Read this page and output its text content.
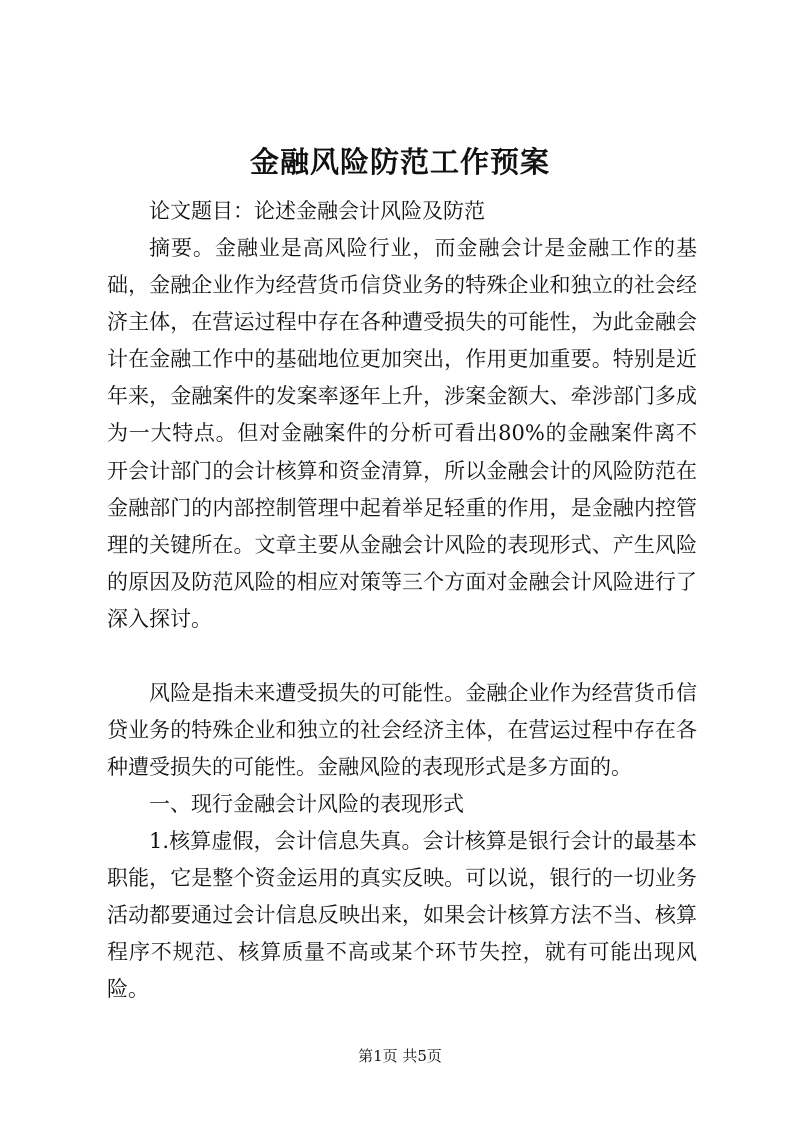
金融风险防范工作预案

论文题目：论述金融会计风险及防范

摘要。金融业是高风险行业，而金融会计是金融工作的基础，金融企业作为经营货币信贷业务的特殊企业和独立的社会经济主体，在营运过程中存在各种遭受损失的可能性，为此金融会计在金融工作中的基础地位更加突出，作用更加重要。特别是近年来，金融案件的发案率逐年上升，涉案金额大、牵涉部门多成为一大特点。但对金融案件的分析可看出80%的金融案件离不开会计部门的会计核算和资金清算，所以金融会计的风险防范在金融部门的内部控制管理中起着举足轻重的作用，是金融内控管理的关键所在。文章主要从金融会计风险的表现形式、产生风险的原因及防范风险的相应对策等三个方面对金融会计风险进行了深入探讨。

风险是指未来遭受损失的可能性。金融企业作为经营货币信贷业务的特殊企业和独立的社会经济主体，在营运过程中存在各种遭受损失的可能性。金融风险的表现形式是多方面的。

一、现行金融会计风险的表现形式

1.核算虚假，会计信息失真。会计核算是银行会计的最基本职能，它是整个资金运用的真实反映。可以说，银行的一切业务活动都要通过会计信息反映出来，如果会计核算方法不当、核算程序不规范、核算质量不高或某个环节失控，就有可能出现风险。

第1页 共5页
